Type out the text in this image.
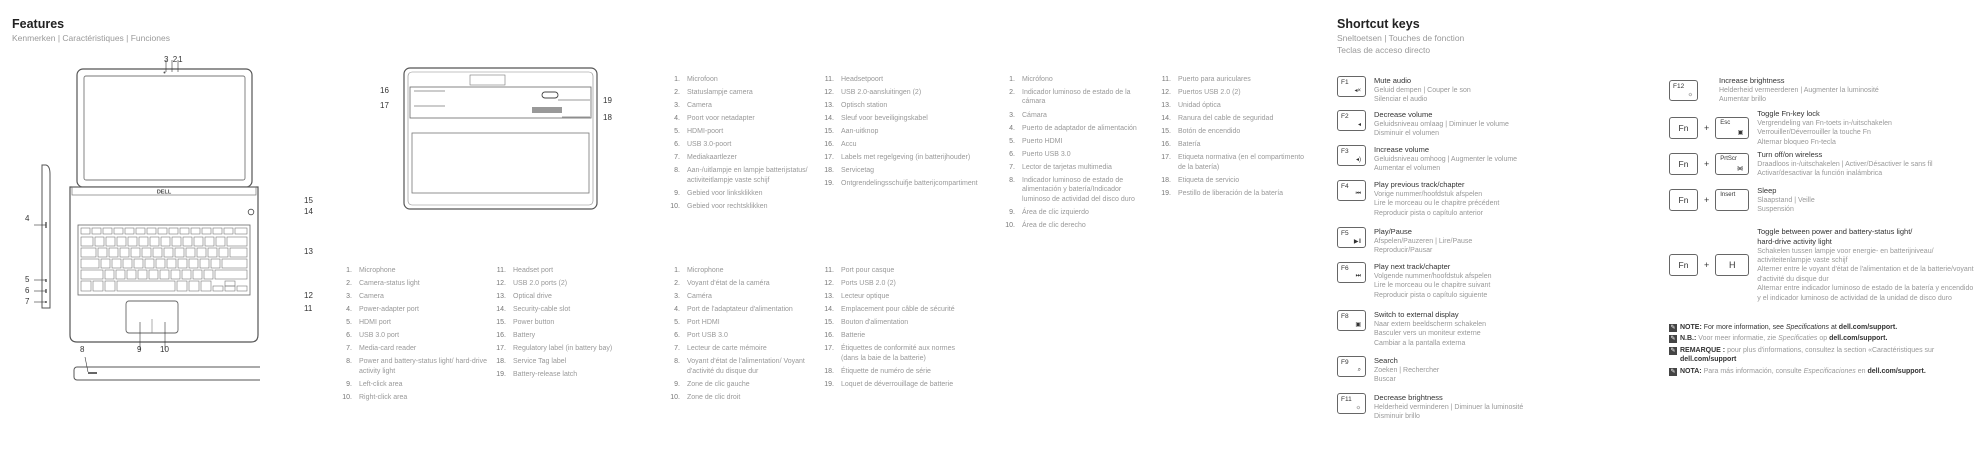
Features
Kenmerken | Caractéristiques | Funciones
DELL
3 21
4
5
6
7
8	9 10
15
14
13
12
11
16
17
19
18
1. Microphone
2. Camera-status light
3. Camera
4. Power-adapter port
5. HDMI port
6. USB 3.0 port
7. Media-card reader
8. Power and battery-status light/ hard-drive activity light
9. Left-click area
10. Right-click area
11. Headset port
12. USB 2.0 ports (2)
13. Optical drive
14. Security-cable slot
15. Power button
16. Battery
17. Regulatory label (in battery bay)
18. Service Tag label
19. Battery-release latch
1. Microfoon
2. Statuslampje camera
3. Camera
4. Poort voor netadapter
5. HDMI-poort
6. USB 3.0-poort
7. Mediakaartlezer
8. Aan-/uitlampje en lampje batterijstatus/ activiteitlampje vaste schijf
9. Gebied voor linksklikken
10. Gebied voor rechtsklikken
11. Headsetpoort
12. USB 2.0-aansluitingen (2)
13. Optisch station
14. Sleuf voor beveiligingskabel
15. Aan-uitknop
16. Accu
17. Labels met regelgeving (in batterijhouder)
18. Servicetag
19. Ontgrendelingsschuifje batterijcompartiment
1. Microphone
2. Voyant d'état de la caméra
3. Caméra
4. Port de l'adaptateur d'alimentation
5. Port HDMI
6. Port USB 3.0
7. Lecteur de carte mémoire
8. Voyant d'état de l'alimentation/ Voyant d'activité du disque dur
9. Zone de clic gauche
10. Zone de clic droit
11. Port pour casque
12. Ports USB 2.0 (2)
13. Lecteur optique
14. Emplacement pour câble de sécurité
15. Bouton d'alimentation
16. Batterie
17. Étiquettes de conformité aux normes (dans la baie de la batterie)
18. Étiquette de numéro de série
19. Loquet de déverrouillage de batterie
1. Micrófono
2. Indicador luminoso de estado de la cámara
3. Cámara
4. Puerto de adaptador de alimentación
5. Puerto HDMI
6. Puerto USB 3.0
7. Lector de tarjetas multimedia
8. Indicador luminoso de estado de alimentación y batería/Indicador luminoso de actividad del disco duro
9. Área de clic izquierdo
10. Área de clic derecho
11. Puerto para auriculares
12. Puertos USB 2.0 (2)
13. Unidad óptica
14. Ranura del cable de seguridad
15. Botón de encendido
16. Batería
17. Etiqueta normativa (en el compartimento de la batería)
18. Etiqueta de servicio
19. Pestillo de liberación de la batería
Shortcut keys
Sneltoetsen | Touches de fonction
Teclas de acceso directo
F1
◂×
Mute audio
Geluid dempen | Couper le son
Silenciar el audio
F2
◂
Decrease volume
Geluidsniveau omlaag | Diminuer le volume
Disminuir el volumen
F3
◂)
Increase volume
Geluidsniveau omhoog | Augmenter le volume
Aumentar el volumen
F4
⏮
Play previous track/chapter
Vorige nummer/hoofdstuk afspelen
Lire le morceau ou le chapitre précédent
Reproducir pista o capítulo anterior
F5
▶‖
Play/Pause
Afspelen/Pauzeren | Lire/Pause
Reproducir/Pausar
F6
⏭
Play next track/chapter
Volgende nummer/hoofdstuk afspelen
Lire le morceau ou le chapitre suivant
Reproducir pista o capítulo siguiente
F8
▣
Switch to external display
Naar extern beeldscherm schakelen
Basculer vers un moniteur externe
Cambiar a la pantalla externa
F9
⌕
Search
Zoeken | Rechercher
Buscar
F11
☼
Decrease brightness
Helderheid verminderen | Diminuer la luminosité
Disminuir brillo
F12
☼
Increase brightness
Helderheid vermeerderen | Augmenter la luminosité
Aumentar brillo
Fn	+ Esc
▣
Toggle Fn-key lock
Vergrendeling van Fn-toets in-/uitschakelen
Verrouiller/Déverrouiller la touche Fn
Alternar bloqueo Fn-tecla
Fn	+ PrtScr
᯼
Turn off/on wireless
Draadloos in-/uitschakelen | Activer/Désactiver le sans fil
Activar/desactivar la función inalámbrica
Fn	+ Insert
Sleep
Slaapstand | Veille
Suspensión
Fn	+ H
Toggle between power and battery-status light/
hard-drive activity light
Schakelen tussen lampje voor energie- en batterijniveau/ activiteitenlampje vaste schijf
Alterner entre le voyant d'état de l'alimentation et de la batterie/voyant d'activité du disque dur
Alternar entre indicador luminoso de estado de la batería y encendido y el indicador luminoso de actividad de la unidad de disco duro
✎ NOTE: For more information, see Specifications at dell.com/support.
✎ N.B.: Voor meer informatie, zie Specificaties op dell.com/support.
✎ REMARQUE : pour plus d'informations, consultez la section «Caractéristiques sur dell.com/support
✎ NOTA: Para más información, consulte Especificaciones en dell.com/support.
